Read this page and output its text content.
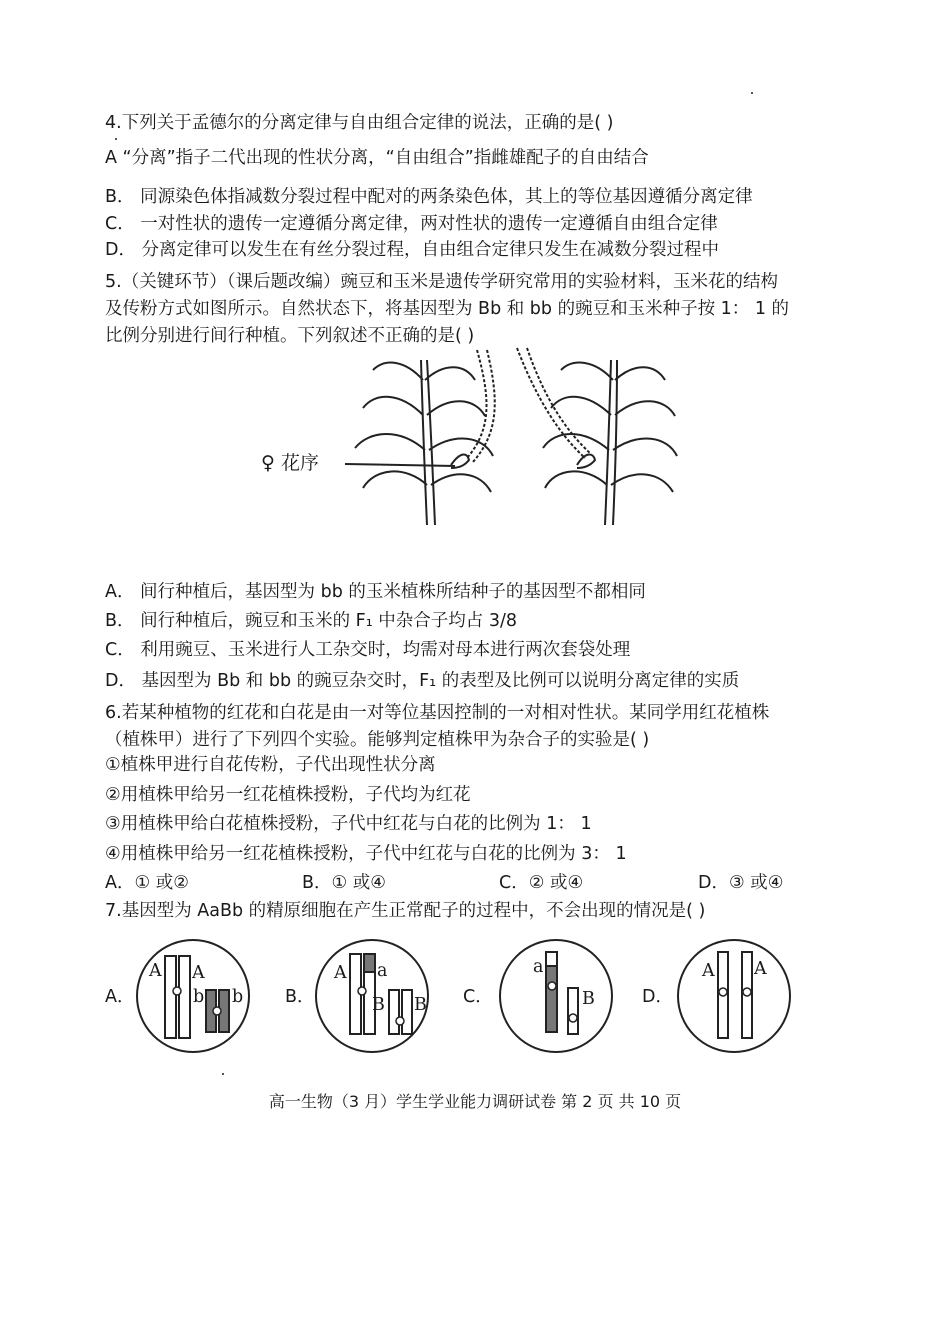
4.下列关于孟德尔的分离定律与自由组合定律的说法，正确的是( )
A “分离”指子二代出现的性状分离，“自由组合”指雌雄配子的自由结合
B． 同源染色体指减数分裂过程中配对的两条染色体，其上的等位基因遵循分离定律
C． 一对性状的遗传一定遵循分离定律，两对性状的遗传一定遵循自由组合定律
D． 分离定律可以发生在有丝分裂过程，自由组合定律只发生在减数分裂过程中
5.（关键环节）（课后题改编）豌豆和玉米是遗传学研究常用的实验材料，玉米花的结构
及传粉方式如图所示。自然状态下，将基因型为 Bb 和 bb 的豌豆和玉米种子按 1： 1 的
比例分别进行间行种植。下列叙述不正确的是( )
♀ 花序
A． 间行种植后，基因型为 bb 的玉米植株所结种子的基因型不都相同
B． 间行种植后，豌豆和玉米的 F₁ 中杂合子均占 3/8
C． 利用豌豆、玉米进行人工杂交时，均需对母本进行两次套袋处理
D． 基因型为 Bb 和 bb 的豌豆杂交时，F₁ 的表型及比例可以说明分离定律的实质
6.若某种植物的红花和白花是由一对等位基因控制的一对相对性状。某同学用红花植株
（植株甲）进行了下列四个实验。能够判定植株甲为杂合子的实验是( )
①植株甲进行自花传粉，子代出现性状分离
②用植株甲给另一红花植株授粉，子代均为红花
③用植株甲给白花植株授粉，子代中红花与白花的比例为 1： 1
④用植株甲给另一红花植株授粉，子代中红花与白花的比例为 3： 1
A．① 或②	B．① 或④	C．② 或④	D．③ 或④
7.基因型为 AaBb 的精原细胞在产生正常配子的过程中，不会出现的情况是( )
A．	B．	C．	D．
A A
b b
A a
B B
a
B
A A
高一生物（3 月）学生学业能力调研试卷 第 2 页 共 10 页
